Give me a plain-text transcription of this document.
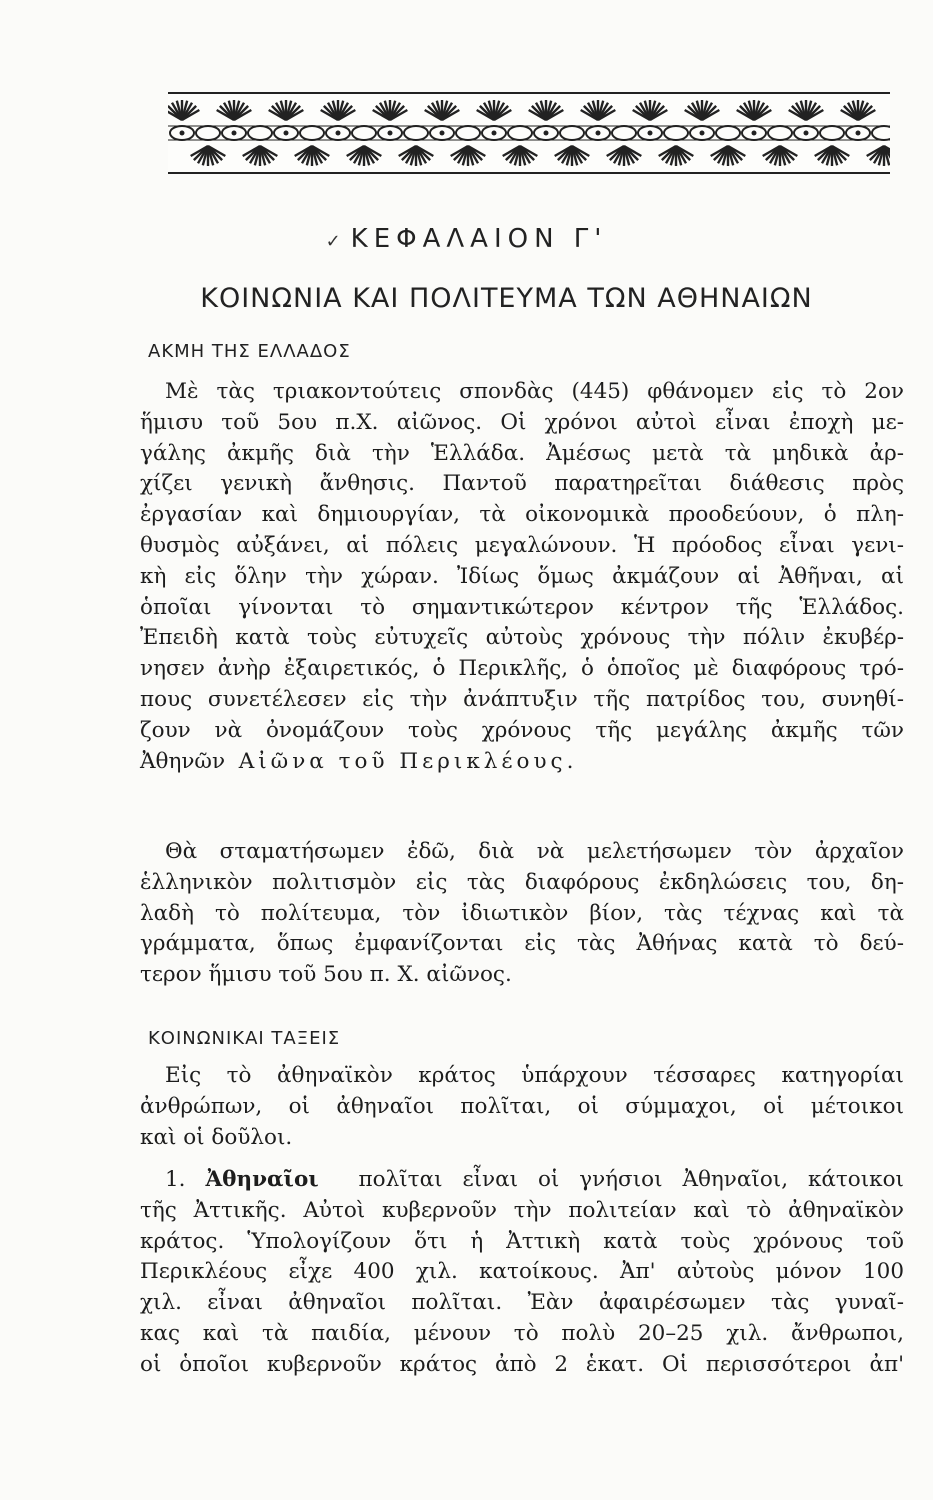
✓ ΚΕΦΑΛΑΙΟΝ Γ'
ΚΟΙΝΩΝΙΑ ΚΑΙ ΠΟΛΙΤΕΥΜΑ ΤΩΝ ΑΘΗΝΑΙΩΝ
ΑΚΜΗ ΤΗΣ ΕΛΛΑΔΟΣ
Μὲ τὰς τριακοντούτεις σπονδὰς (445) φθάνομεν εἰς τὸ 2ον
ἥμισυ τοῦ 5ου π.Χ. αἰῶνος. Οἱ χρόνοι αὐτοὶ εἶναι ἐποχὴ με-
γάλης ἀκμῆς διὰ τὴν Ἑλλάδα. Ἀμέσως μετὰ τὰ μηδικὰ ἀρ-
χίζει γενικὴ ἄνθησις. Παντοῦ παρατηρεῖται διάθεσις πρὸς
ἐργασίαν καὶ δημιουργίαν, τὰ οἰκονομικὰ προοδεύουν, ὁ πλη-
θυσμὸς αὐξάνει, αἱ πόλεις μεγαλώνουν. Ἡ πρόοδος εἶναι γενι-
κὴ εἰς ὅλην τὴν χώραν. Ἰδίως ὅμως ἀκμάζουν αἱ Ἀθῆναι, αἱ
ὁποῖαι γίνονται τὸ σημαντικώτερον κέντρον τῆς Ἑλλάδος.
Ἐπειδὴ κατὰ τοὺς εὐτυχεῖς αὐτοὺς χρόνους τὴν πόλιν ἐκυβέρ-
νησεν ἀνὴρ ἐξαιρετικός, ὁ Περικλῆς, ὁ ὁποῖος μὲ διαφόρους τρό-
πους συνετέλεσεν εἰς τὴν ἀνάπτυξιν τῆς πατρίδος του, συνηθί-
ζουν νὰ ὀνομάζουν τοὺς χρόνους τῆς μεγάλης ἀκμῆς τῶν
Ἀθηνῶν Αἰῶνα τοῦ Περικλέους.
Θὰ σταματήσωμεν ἐδῶ, διὰ νὰ μελετήσωμεν τὸν ἀρχαῖον
ἑλληνικὸν πολιτισμὸν εἰς τὰς διαφόρους ἐκδηλώσεις του, δη-
λαδὴ τὸ πολίτευμα, τὸν ἰδιωτικὸν βίον, τὰς τέχνας καὶ τὰ
γράμματα, ὅπως ἐμφανίζονται εἰς τὰς Ἀθήνας κατὰ τὸ δεύ-
τερον ἥμισυ τοῦ 5ου π. Χ. αἰῶνος.
ΚΟΙΝΩΝΙΚΑΙ ΤΑΞΕΙΣ
Εἰς τὸ ἀθηναϊκὸν κράτος ὑπάρχουν τέσσαρες κατηγορίαι
ἀνθρώπων, οἱ ἀθηναῖοι πολῖται, οἱ σύμμαχοι, οἱ μέτοικοι
καὶ οἱ δοῦλοι.
1. Ἀθηναῖοι πολῖται εἶναι οἱ γνήσιοι Ἀθηναῖοι, κάτοικοι
τῆς Ἀττικῆς. Αὐτοὶ κυβερνοῦν τὴν πολιτείαν καὶ τὸ ἀθηναϊκὸν
κράτος. Ὑπολογίζουν ὅτι ἡ Ἀττικὴ κατὰ τοὺς χρόνους τοῦ
Περικλέους εἶχε 400 χιλ. κατοίκους. Ἀπ' αὐτοὺς μόνον 100
χιλ. εἶναι ἀθηναῖοι πολῖται. Ἐὰν ἀφαιρέσωμεν τὰς γυναῖ-
κας καὶ τὰ παιδία, μένουν τὸ πολὺ 20–25 χιλ. ἄνθρωποι,
οἱ ὁποῖοι κυβερνοῦν κράτος ἀπὸ 2 ἑκατ. Οἱ περισσότεροι ἀπ'
